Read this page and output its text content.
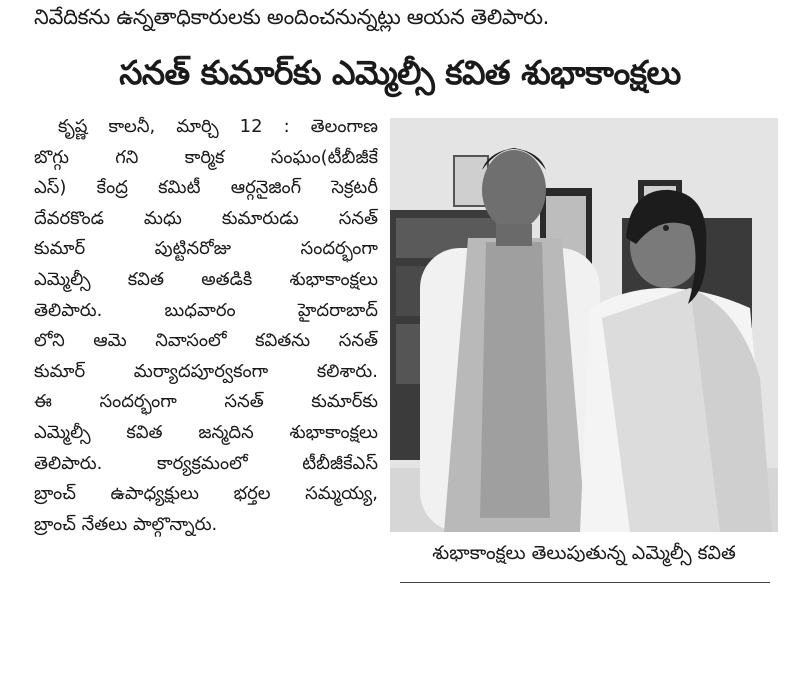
నివేదికను ఉన్నతాధికారులకు అందించనున్నట్లు ఆయన తెలిపారు.
సనత్ కుమార్‌కు ఎమ్మెల్సీ కవిత శుభాకాంక్షలు
కృష్ణ కాలనీ, మార్చి 12 : తెలంగాణ
బొగ్గు గని కార్మిక సంఘం(టీబీజీకే
ఎస్) కేంద్ర కమిటీ ఆర్గనైజింగ్ సెక్రటరీ
దేవరకొండ మధు కుమారుడు సనత్
కుమార్ పుట్టినరోజు సందర్భంగా
ఎమ్మెల్సీ కవిత అతడికి శుభాకాంక్షలు
తెలిపారు. బుధవారం హైదరాబాద్
లోని ఆమె నివాసంలో కవితను సనత్
కుమార్ మర్యాదపూర్వకంగా కలిశారు.
ఈ సందర్భంగా సనత్ కుమార్‌కు
ఎమ్మెల్సీ కవిత జన్మదిన శుభాకాంక్షలు
తెలిపారు. కార్యక్రమంలో టీబీజీకేఎస్
బ్రాంచ్ ఉపాధ్యక్షులు భర్తల సమ్మయ్య,
బ్రాంచ్ నేతలు పాల్గొన్నారు.
శుభాకాంక్షలు తెలుపుతున్న ఎమ్మెల్సీ కవిత
